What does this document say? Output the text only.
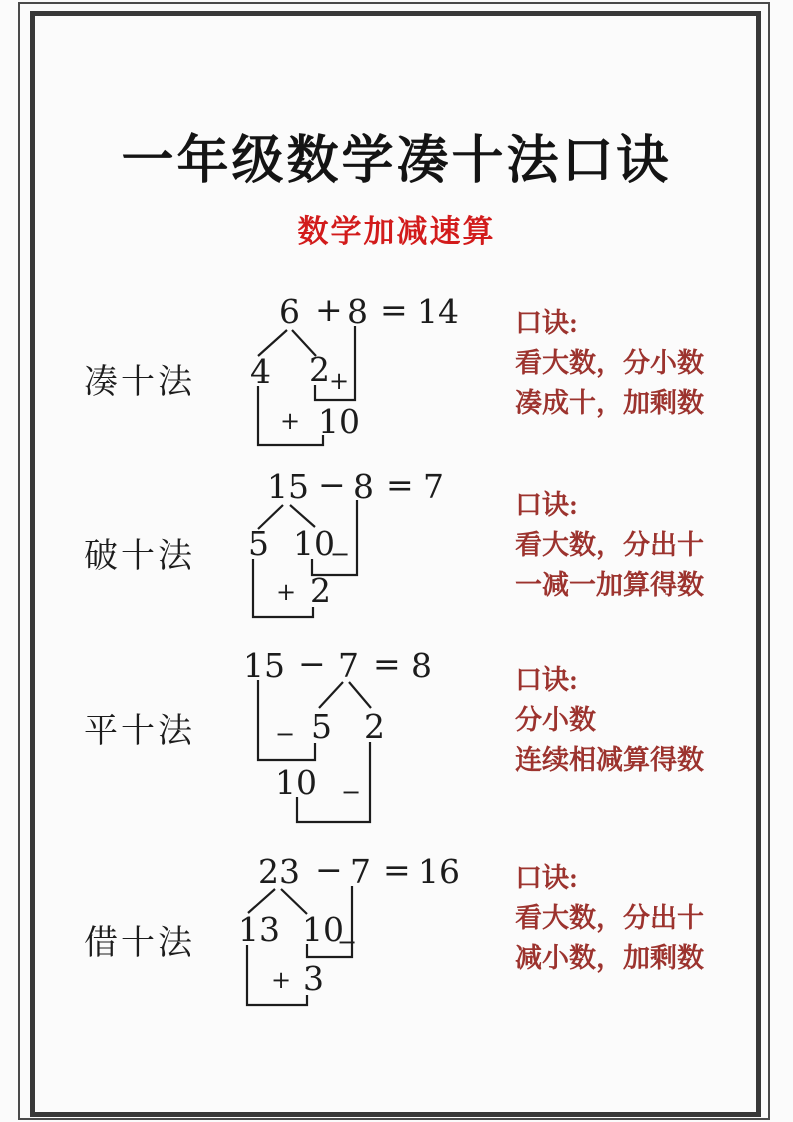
一年级数学凑十法口诀
数学加减速算
凑十法
6 + 8 = 14
4 2 +
+ 10
口诀:
看大数，分小数
凑成十，加剩数
破十法
15 − 8 = 7
5 10
−
+ 2
口诀:
看大数，分出十
一减一加算得数
平十法
15 − 7 = 8
5 2
−
10 −
口诀:
分小数
连续相减算得数
借十法
23 − 7 = 16
13 10
−
+ 3
口诀:
看大数，分出十
减小数，加剩数
